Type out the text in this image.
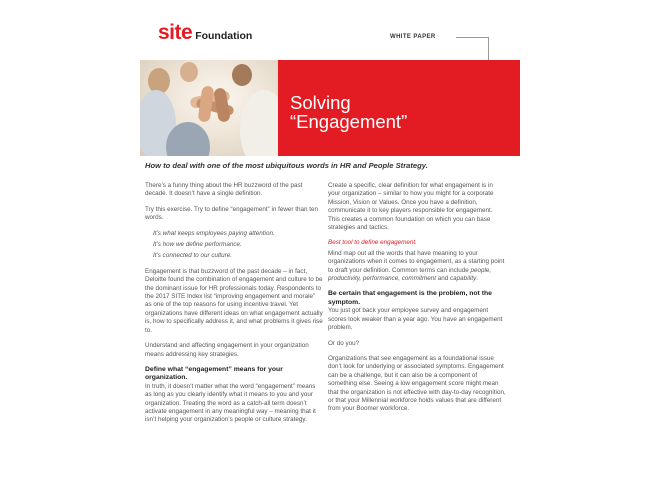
site Foundation	WHITE PAPER
Solving
“Engagement”
How to deal with one of the most ubiquitous words in HR and People Strategy.

There’s a funny thing about the HR buzzword of the past decade. It doesn’t have a single definition.

Try this exercise. Try to define “engagement” in fewer than ten words.

It’s what keeps employees paying attention.

It’s how we define performance.

It’s connected to our culture.

Engagement is that buzzword of the past decade – in fact, Deloitte found the combination of engagement and culture to be the dominant issue for HR professionals today. Respondents to the 2017 SITE Index list “improving engagement and morale” as one of the top reasons for using incentive travel. Yet organizations have different ideas on what engagement actually is, how to specifically address it, and what problems it gives rise to.

Understand and affecting engagement in your organization means addressing key strategies.

Define what “engagement” means for your organization.

In truth, it doesn’t matter what the word “engagement” means as long as you clearly identify what it means to you and your organization. Treating the word as a catch-all term doesn’t activate engagement in any meaningful way – meaning that it isn’t helping your organization’s people or culture strategy.

Create a specific, clear definition for what engagement is in your organization – similar to how you might for a corporate Mission, Vision or Values. Once you have a definition, communicate it to key players responsible for engagement. This creates a common foundation on which you can base strategies and tactics.

Best tool to define engagement.

Mind map out all the words that have meaning to your organizations when it comes to engagement, as a starting point to draft your definition. Common terms can include people, productivity, performance, commitment and capability.

Be certain that engagement is the problem, not the symptom.

You just got back your employee survey and engagement scores look weaker than a year ago. You have an engagement problem.

Or do you?

Organizations that see engagement as a foundational issue don’t look for underlying or associated symptoms. Engagement can be a challenge, but it can also be a component of something else. Seeing a low engagement score might mean that the organization is not effective with day-to-day recognition, or that your Millennial workforce holds values that are different from your Boomer workforce.
